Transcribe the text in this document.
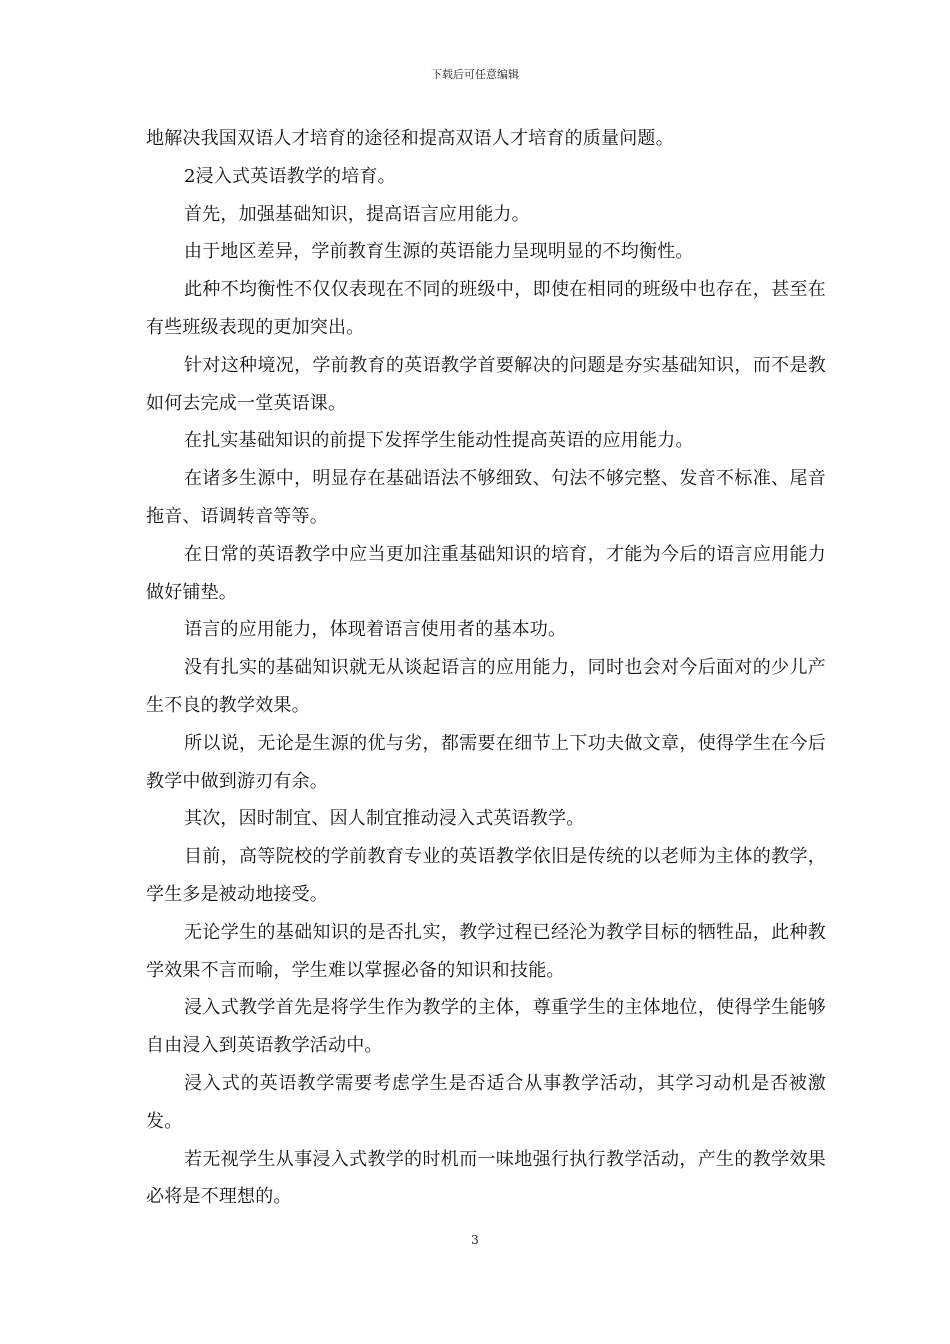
下载后可任意编辑

地解决我国双语人才培育的途径和提高双语人才培育的质量问题。

2浸入式英语教学的培育。

首先，加强基础知识，提高语言应用能力。

由于地区差异，学前教育生源的英语能力呈现明显的不均衡性。

此种不均衡性不仅仅表现在不同的班级中，即使在相同的班级中也存在，甚至在有些班级表现的更加突出。

针对这种境况，学前教育的英语教学首要解决的问题是夯实基础知识，而不是教如何去完成一堂英语课。

在扎实基础知识的前提下发挥学生能动性提高英语的应用能力。

在诸多生源中，明显存在基础语法不够细致、句法不够完整、发音不标准、尾音拖音、语调转音等等。

在日常的英语教学中应当更加注重基础知识的培育，才能为今后的语言应用能力做好铺垫。

语言的应用能力，体现着语言使用者的基本功。

没有扎实的基础知识就无从谈起语言的应用能力，同时也会对今后面对的少儿产生不良的教学效果。

所以说，无论是生源的优与劣，都需要在细节上下功夫做文章，使得学生在今后教学中做到游刃有余。

其次，因时制宜、因人制宜推动浸入式英语教学。

目前，高等院校的学前教育专业的英语教学依旧是传统的以老师为主体的教学，学生多是被动地接受。

无论学生的基础知识的是否扎实，教学过程已经沦为教学目标的牺牲品，此种教学效果不言而喻，学生难以掌握必备的知识和技能。

浸入式教学首先是将学生作为教学的主体，尊重学生的主体地位，使得学生能够自由浸入到英语教学活动中。

浸入式的英语教学需要考虑学生是否适合从事教学活动，其学习动机是否被激发。

若无视学生从事浸入式教学的时机而一味地强行执行教学活动，产生的教学效果必将是不理想的。

3
